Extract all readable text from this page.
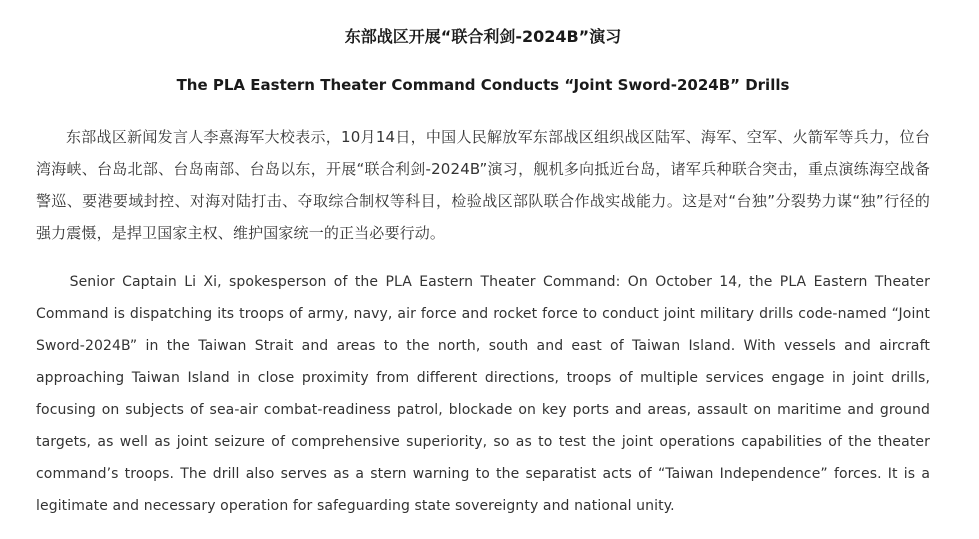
东部战区开展“联合利剑-2024B”演习
The PLA Eastern Theater Command Conducts “Joint Sword-2024B” Drills

东部战区新闻发言人李熹海军大校表示，10月14日，中国人民解放军东部战区组织战区陆军、海军、空军、火箭军等兵力，位台湾海峡、台岛北部、台岛南部、台岛以东，开展“联合利剑-2024B”演习，舰机多向抵近台岛，诸军兵种联合突击，重点演练海空战备警巡、要港要域封控、对海对陆打击、夺取综合制权等科目，检验战区部队联合作战实战能力。这是对“台独”分裂势力谋“独”行径的强力震慑，是捍卫国家主权、维护国家统一的正当必要行动。

Senior Captain Li Xi, spokesperson of the PLA Eastern Theater Command: On October 14, the PLA Eastern Theater Command is dispatching its troops of army, navy, air force and rocket force to conduct joint military drills code-named “Joint Sword-2024B” in the Taiwan Strait and areas to the north, south and east of Taiwan Island. With vessels and aircraft approaching Taiwan Island in close proximity from different directions, troops of multiple services engage in joint drills, focusing on subjects of sea-air combat-readiness patrol, blockade on key ports and areas, assault on maritime and ground targets, as well as joint seizure of comprehensive superiority, so as to test the joint operations capabilities of the theater command’s troops. The drill also serves as a stern warning to the separatist acts of “Taiwan Independence” forces. It is a legitimate and necessary operation for safeguarding state sovereignty and national unity.
